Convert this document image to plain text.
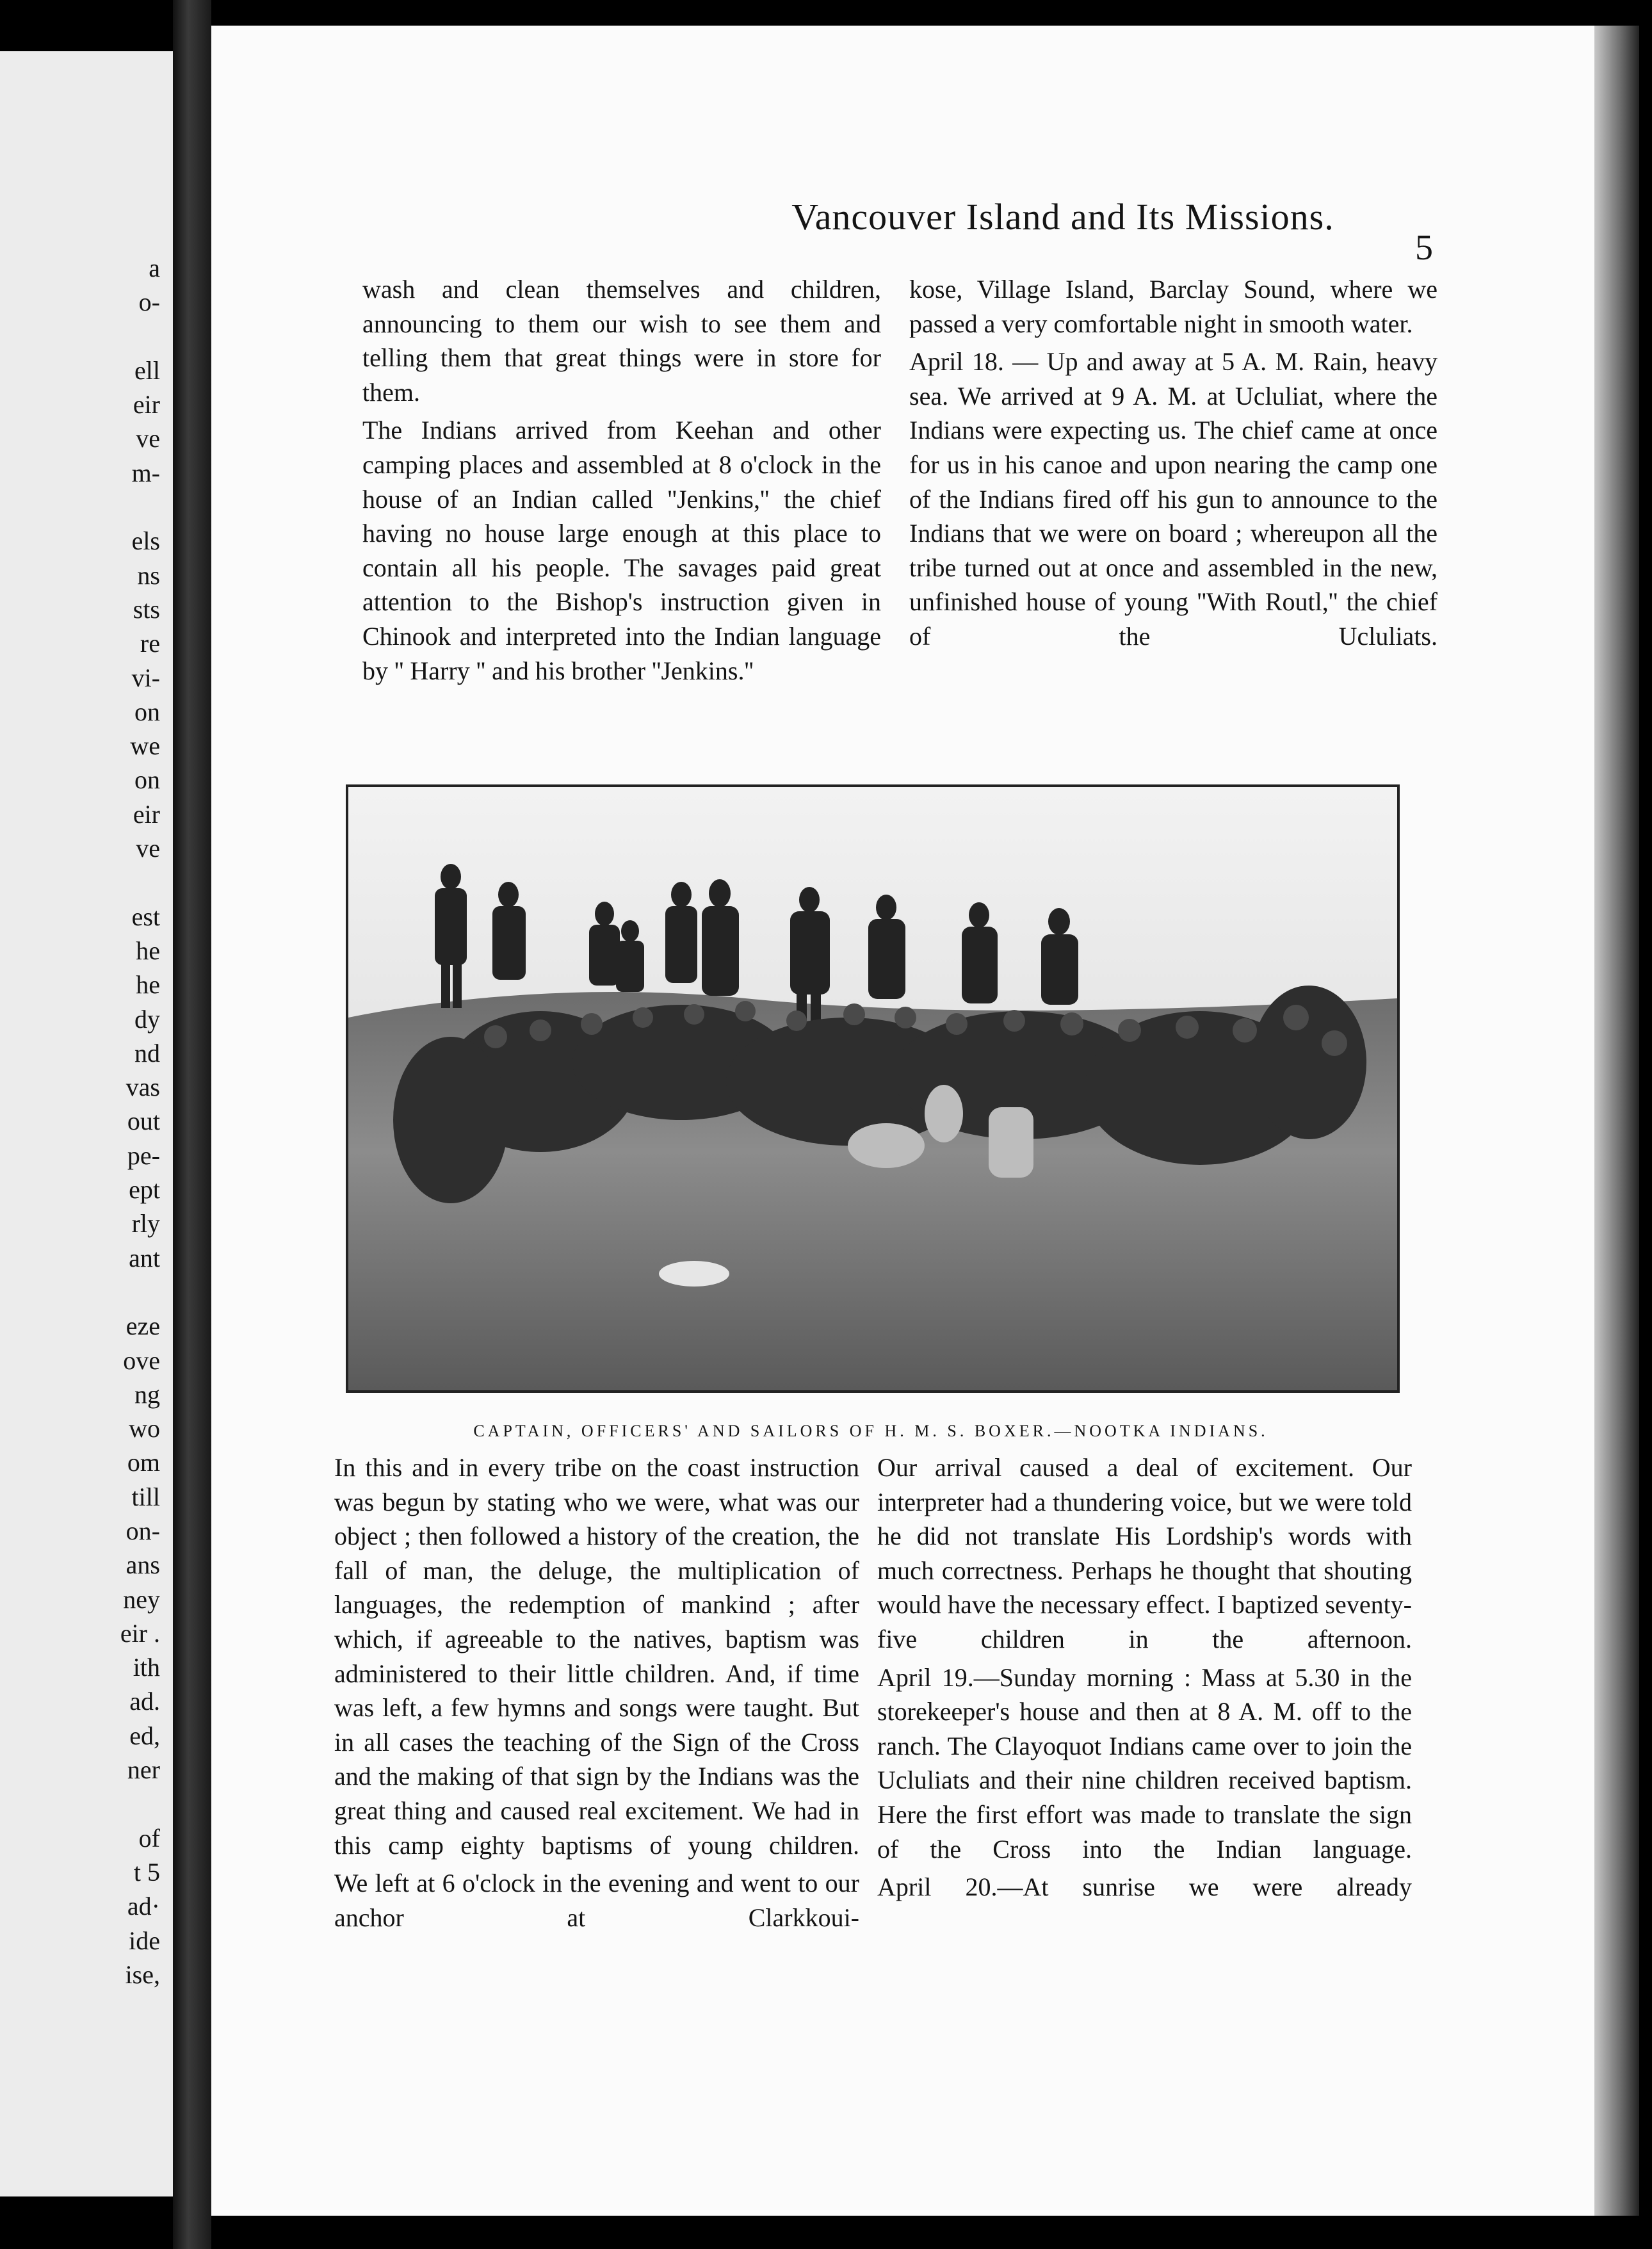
a
o-

ell
eir
ve
m-

els
ns
sts
re
vi-
on
we
on
eir
ve

est
he
he
dy
nd
vas
out
pe-
ept
rly
ant

eze
ove
ng
wo
om
till
on-
ans
ney
eir .
ith
ad.
ed,
ner

of
t 5
ad·
ide
ise,
Vancouver Island and Its Missions.
5

wash and clean themselves and children, announcing to them our wish to see them and telling them that great things were in store for them.

The Indians arrived from Keehan and other camping places and assembled at 8 o'clock in the house of an Indian called ''Jenkins,'' the chief having no house large enough at this place to contain all his people. The savages paid great attention to the Bishop's instruction given in Chinook and interpreted into the Indian language by '' Harry '' and his brother ''Jenkins.''

kose, Village Island, Barclay Sound, where we passed a very comfortable night in smooth water.

April 18. — Up and away at 5 A. M. Rain, heavy sea. We arrived at 9 A. M. at Ucluliat, where the Indians were expecting us. The chief came at once for us in his canoe and upon nearing the camp one of the Indians fired off his gun to announce to the Indians that we were on board ; whereupon all the tribe turned out at once and assembled in the new, unfinished house of young ''With Routl,'' the chief of the Ucluliats.

CAPTAIN, OFFICERS' AND SAILORS OF H. M. S. BOXER.—NOOTKA INDIANS.

In this and in every tribe on the coast instruction was begun by stating who we were, what was our object ; then followed a history of the creation, the fall of man, the deluge, the multiplication of languages, the redemption of mankind ; after which, if agreeable to the natives, baptism was administered to their little children. And, if time was left, a few hymns and songs were taught. But in all cases the teaching of the Sign of the Cross and the making of that sign by the Indians was the great thing and caused real excitement. We had in this camp eighty baptisms of young children.

We left at 6 o'clock in the evening and went to our anchor at Clarkkoui-

Our arrival caused a deal of excitement. Our interpreter had a thundering voice, but we were told he did not translate His Lordship's words with much correctness. Perhaps he thought that shouting would have the necessary effect. I baptized seventy-five children in the afternoon.

April 19.—Sunday morning : Mass at 5.30 in the storekeeper's house and then at 8 A. M. off to the ranch. The Clayoquot Indians came over to join the Ucluliats and their nine children received baptism. Here the first effort was made to translate the sign of the Cross into the Indian language.

April 20.—At sunrise we were already
